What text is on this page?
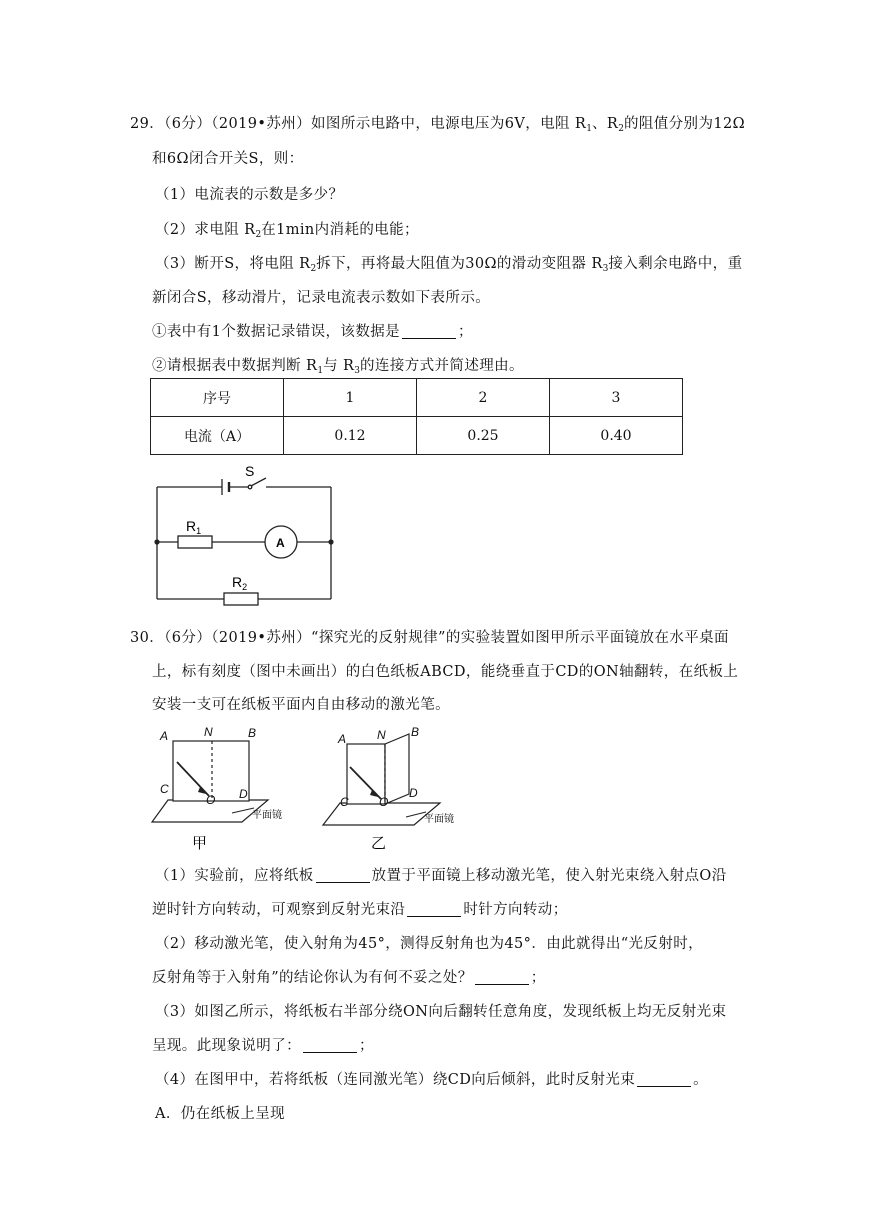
29．（6分）（2019•苏州）如图所示电路中，电源电压为6V，电阻 $R_1$、$R_2$的阻值分别为12Ω
和6Ω闭合开关S，则：
（1）电流表的示数是多少？
（2）求电阻 $R_2$在1min内消耗的电能；
（3）断开S，将电阻 $R_2$拆下，再将最大阻值为30Ω的滑动变阻器 $R_3$接入剩余电路中，重
新闭合S，移动滑片，记录电流表示数如下表所示。
①表中有1个数据记录错误，该数据是	；
②请根据表中数据判断 $R_1$与 $R_3$的连接方式并简述理由。
序号	1	2	3
电流（A）	0.12	0.25	0.40
S
$R_1$
A
$R_2$
30．（6分）（2019•苏州）“探究光的反射规律”的实验装置如图甲所示平面镜放在水平桌面
上，标有刻度（图中未画出）的白色纸板ABCD，能绕垂直于CD的ON轴翻转，在纸板上
安装一支可在纸板平面内自由移动的激光笔。
A	N	B
C
O D
平面镜
甲
A	N B
C	O
D
平面镜
乙
（1）实验前，应将纸板	放置于平面镜上移动激光笔，使入射光束绕入射点O沿
逆时针方向转动，可观察到反射光束沿	时针方向转动；
（2）移动激光笔，使入射角为45°，测得反射角也为45°．由此就得出“光反射时，
反射角等于入射角”的结论你认为有何不妥之处？	；
（3）如图乙所示，将纸板右半部分绕ON向后翻转任意角度，发现纸板上均无反射光束
呈现。此现象说明了：	；
（4）在图甲中，若将纸板（连同激光笔）绕CD向后倾斜，此时反射光束	。
A．仍在纸板上呈现
